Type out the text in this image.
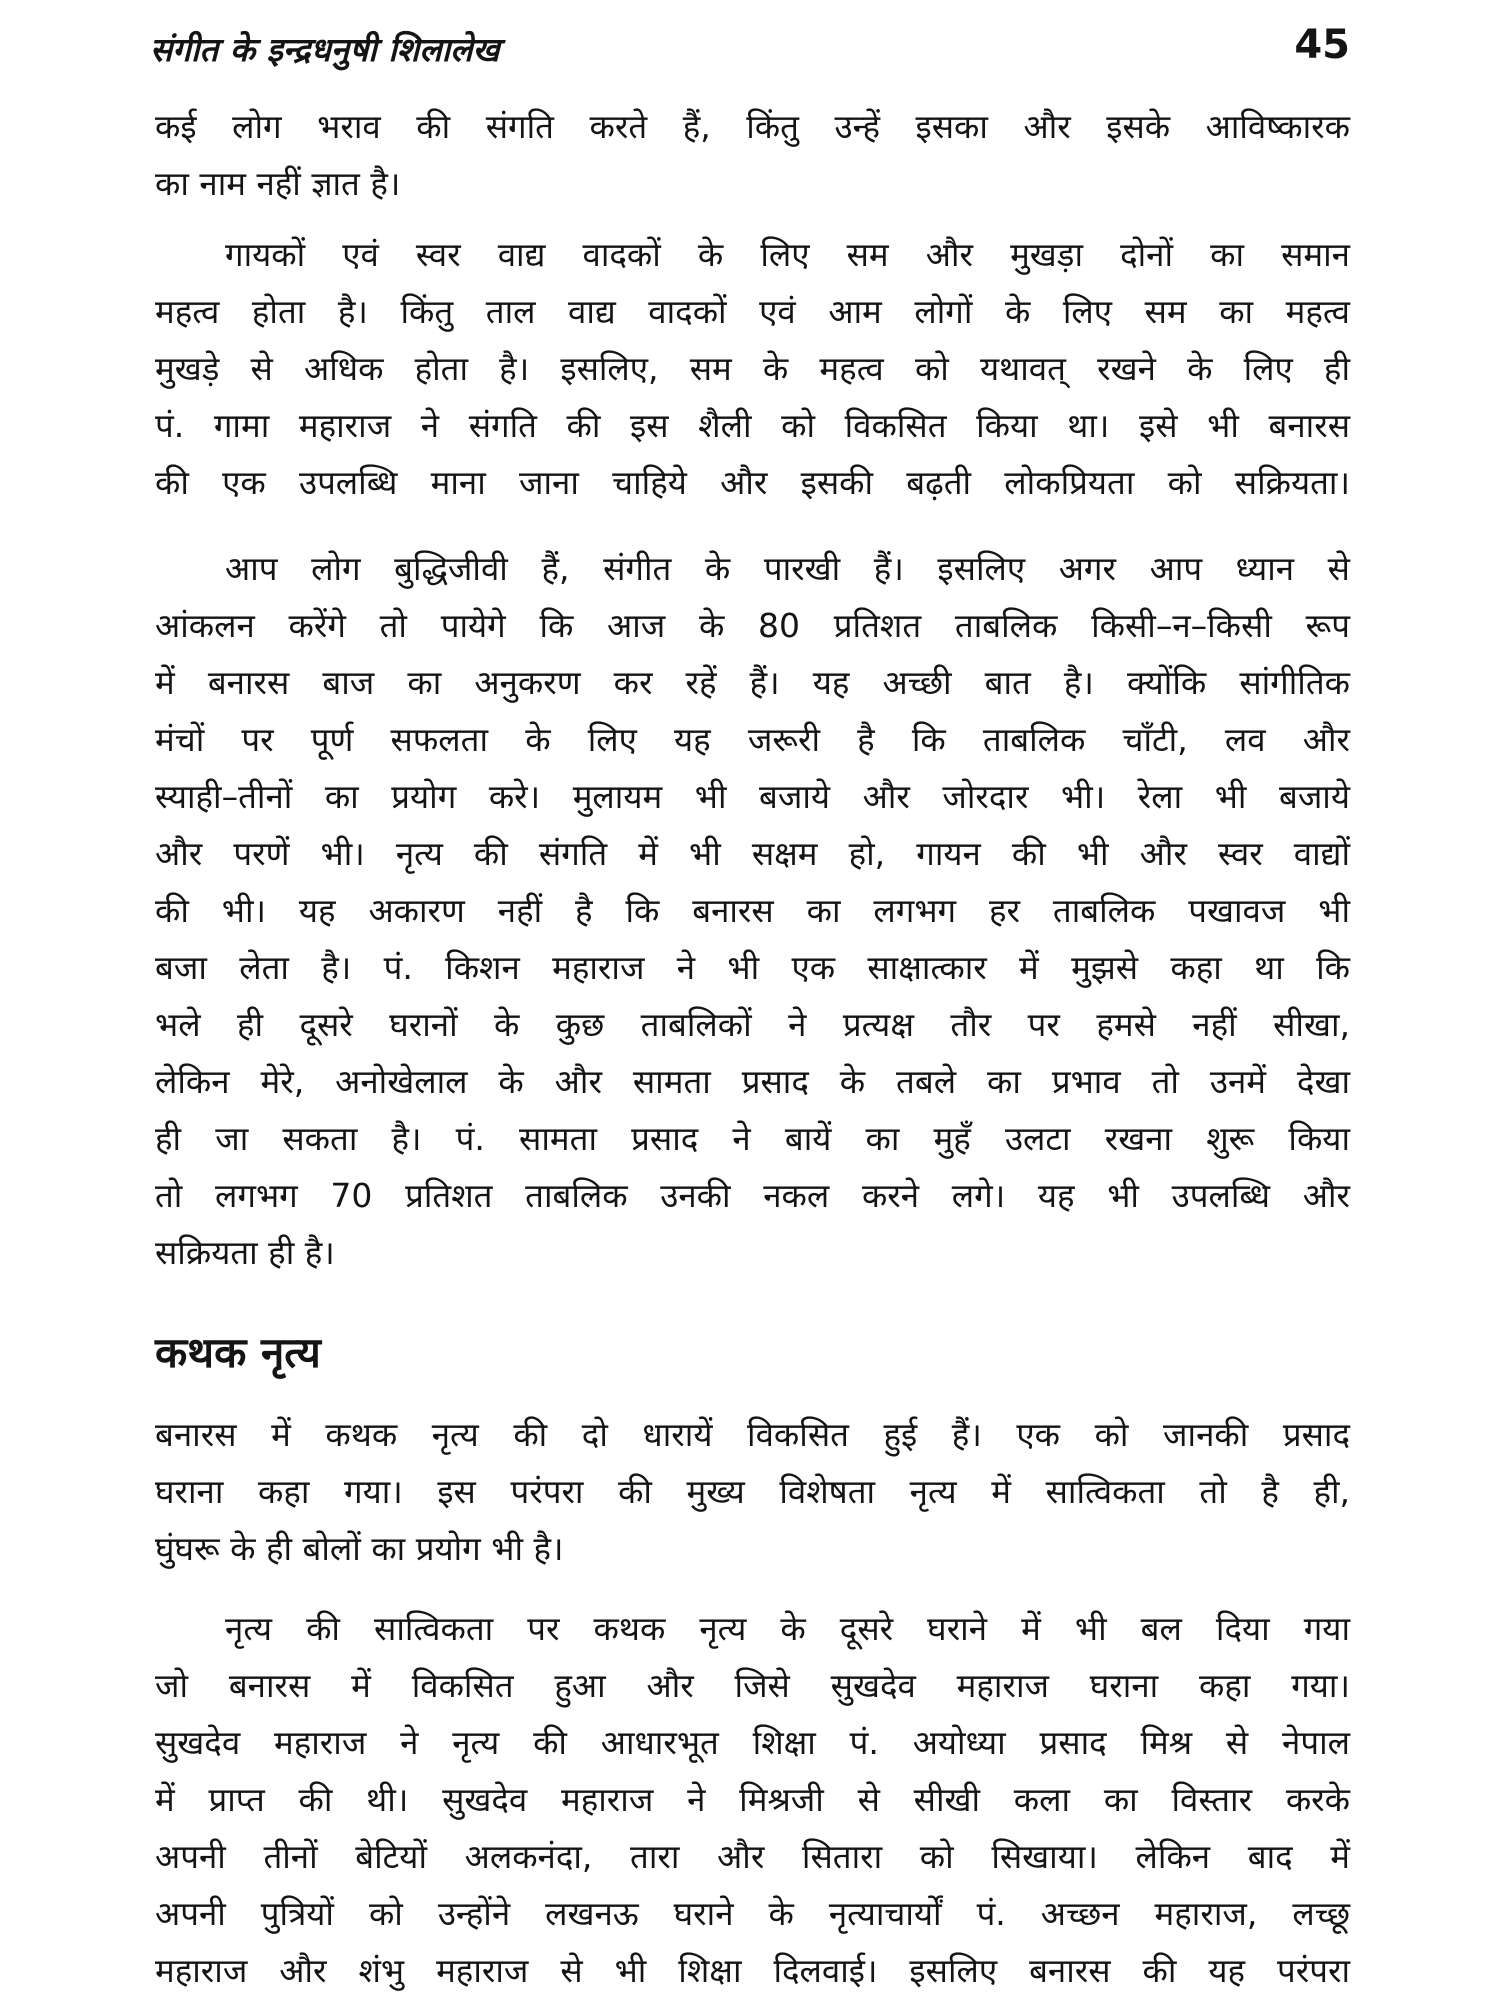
संगीत के इन्द्रधनुषी शिलालेख	45
कई लोग भराव की संगति करते हैं, किंतु उन्हें इसका और इसके आविष्कारक
का नाम नहीं ज्ञात है।
गायकों एवं स्वर वाद्य वादकों के लिए सम और मुखड़ा दोनों का समान
महत्व होता है। किंतु ताल वाद्य वादकों एवं आम लोगों के लिए सम का महत्व
मुखड़े से अधिक होता है। इसलिए, सम के महत्व को यथावत् रखने के लिए ही
पं. गामा महाराज ने संगति की इस शैली को विकसित किया था। इसे भी बनारस
की एक उपलब्धि माना जाना चाहिये और इसकी बढ़ती लोकप्रियता को सक्रियता।
आप लोग बुद्धिजीवी हैं, संगीत के पारखी हैं। इसलिए अगर आप ध्यान से
आंकलन करेंगे तो पायेगे कि आज के 80 प्रतिशत ताबलिक किसी–न–किसी रूप
में बनारस बाज का अनुकरण कर रहें हैं। यह अच्छी बात है। क्योंकि सांगीतिक
मंचों पर पूर्ण सफलता के लिए यह जरूरी है कि ताबलिक चाँटी, लव और
स्याही–तीनों का प्रयोग करे। मुलायम भी बजाये और जोरदार भी। रेला भी बजाये
और परणें भी। नृत्य की संगति में भी सक्षम हो, गायन की भी और स्वर वाद्यों
की भी। यह अकारण नहीं है कि बनारस का लगभग हर ताबलिक पखावज भी
बजा लेता है। पं. किशन महाराज ने भी एक साक्षात्कार में मुझसे कहा था कि
भले ही दूसरे घरानों के कुछ ताबलिकों ने प्रत्यक्ष तौर पर हमसे नहीं सीखा,
लेकिन मेरे, अनोखेलाल के और सामता प्रसाद के तबले का प्रभाव तो उनमें देखा
ही जा सकता है। पं. सामता प्रसाद ने बायें का मुहँ उलटा रखना शुरू किया
तो लगभग 70 प्रतिशत ताबलिक उनकी नकल करने लगे। यह भी उपलब्धि और
सक्रियता ही है।
कथक नृत्य
बनारस में कथक नृत्य की दो धारायें विकसित हुई हैं। एक को जानकी प्रसाद
घराना कहा गया। इस परंपरा की मुख्य विशेषता नृत्य में सात्विकता तो है ही,
घुंघरू के ही बोलों का प्रयोग भी है।
नृत्य की सात्विकता पर कथक नृत्य के दूसरे घराने में भी बल दिया गया
जो बनारस में विकसित हुआ और जिसे सुखदेव महाराज घराना कहा गया।
सुखदेव महाराज ने नृत्य की आधारभूत शिक्षा पं. अयोध्या प्रसाद मिश्र से नेपाल
में प्राप्त की थी। सुखदेव महाराज ने मिश्रजी से सीखी कला का विस्तार करके
अपनी तीनों बेटियों अलकनंदा, तारा और सितारा को सिखाया। लेकिन बाद में
अपनी पुत्रियों को उन्होंने लखनऊ घराने के नृत्याचार्यों पं. अच्छन महाराज, लच्छू
महाराज और शंभु महाराज से भी शिक्षा दिलवाई। इसलिए बनारस की यह परंपरा
